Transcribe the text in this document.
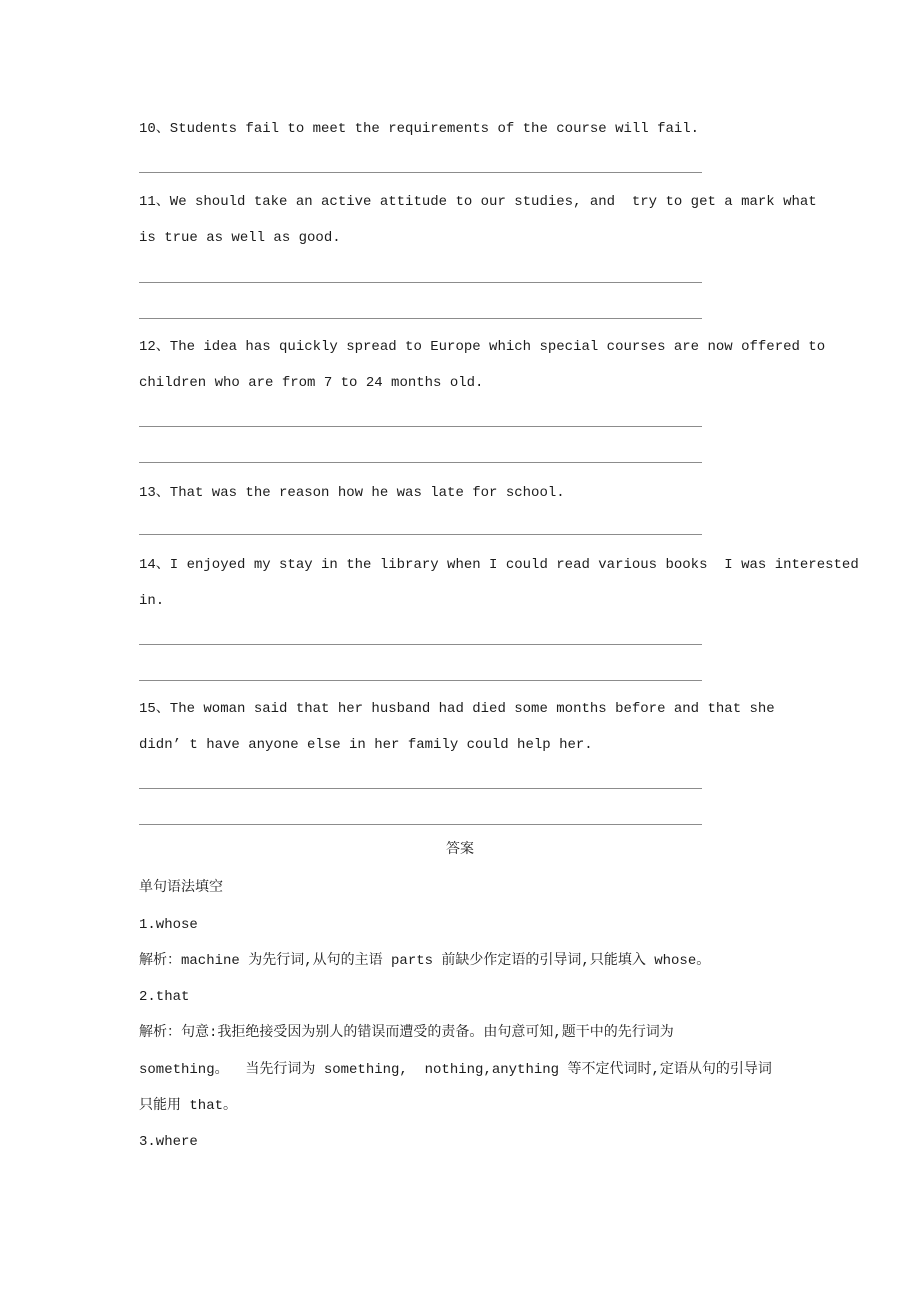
10、Students fail to meet the requirements of the course will fail.
11、We should take an active attitude to our studies, and  try to get a mark what
is true as well as good.
12、The idea has quickly spread to Europe which special courses are now offered to
children who are from 7 to 24 months old.
13、That was the reason how he was late for school.
14、I enjoyed my stay in the library when I could read various books  I was interested
in.
15、The woman said that her husband had died some months before and that she
didn’ t have anyone else in her family could help her.
答案
单句语法填空
1.whose
解析：machine 为先行词,从句的主语 parts 前缺少作定语的引导词,只能填入 whose。
2.that
解析：句意:我拒绝接受因为别人的错误而遭受的责备。由句意可知,题干中的先行词为
something。  当先行词为 something,  nothing,anything 等不定代词时,定语从句的引导词
只能用 that。
3.where
